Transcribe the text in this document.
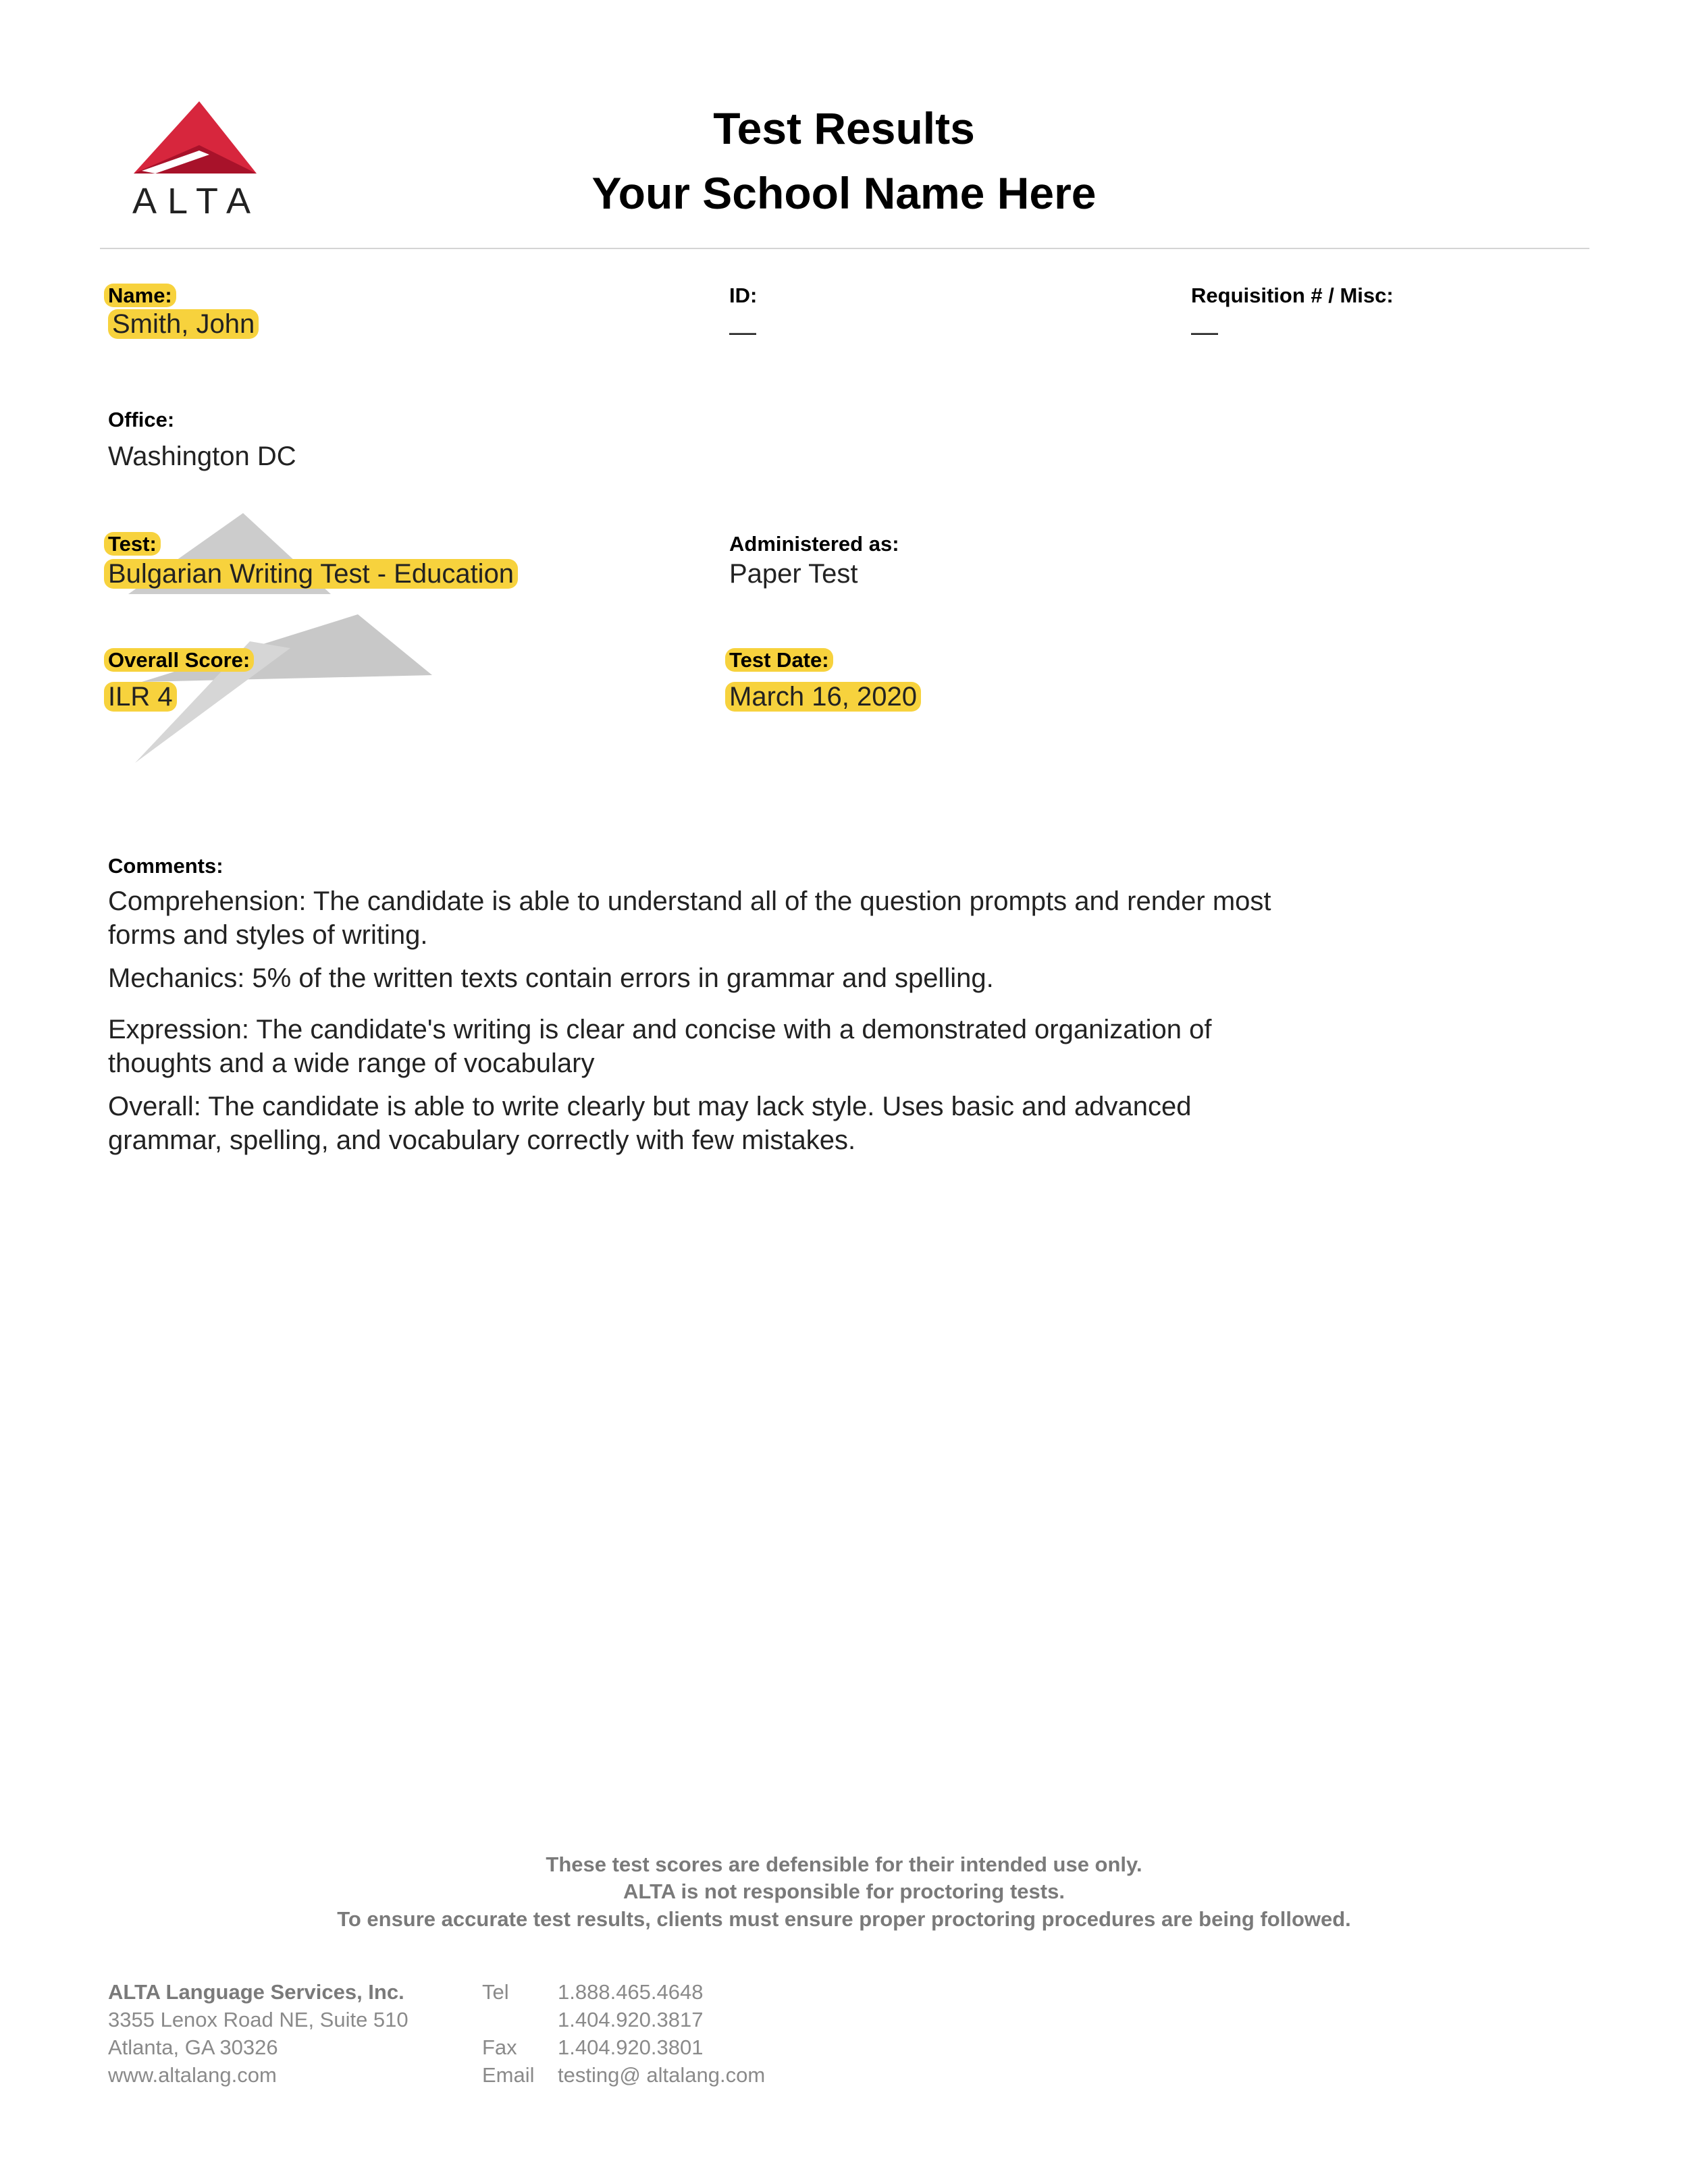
ALTA
Test Results
Your School Name Here
Name:
Smith, John
ID:
—
Requisition # / Misc:
—
Office:
Washington DC
Test:
Bulgarian Writing Test - Education
Administered as:
Paper Test
Overall Score:
ILR 4
Test Date:
March 16, 2020
Comments:

Comprehension: The candidate is able to understand all of the question prompts and render most forms and styles of writing.

Mechanics: 5% of the written texts contain errors in grammar and spelling.

Expression: The candidate's writing is clear and concise with a demonstrated organization of thoughts and a wide range of vocabulary

Overall: The candidate is able to write clearly but may lack style. Uses basic and advanced grammar, spelling, and vocabulary correctly with few mistakes.

These test scores are defensible for their intended use only.
ALTA is not responsible for proctoring tests.
To ensure accurate test results, clients must ensure proper proctoring procedures are being followed.
ALTA Language Services, Inc.
3355 Lenox Road NE, Suite 510
Atlanta, GA 30326
www.altalang.com
Tel

Fax
Email
1.888.465.4648
1.404.920.3817
1.404.920.3801
testing@ altalang.com
